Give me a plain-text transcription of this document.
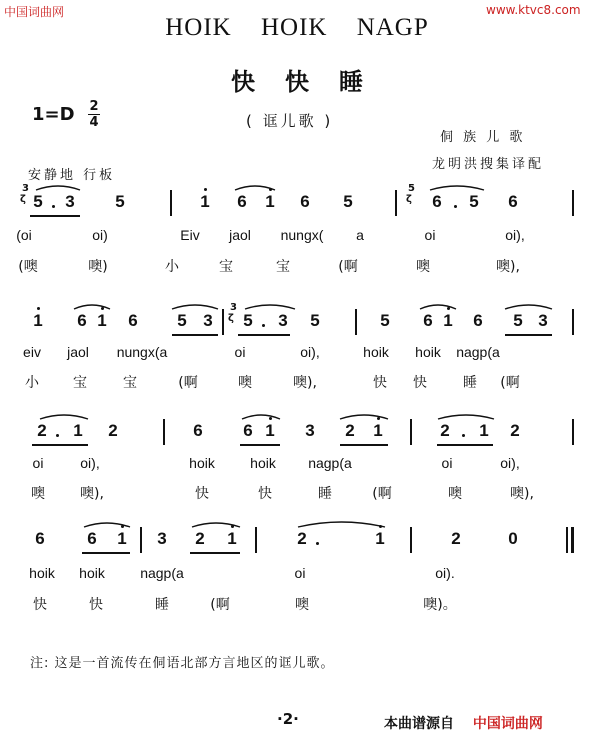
中国词曲网	www.ktvc8.com
HOIK HOIK NAGP
快快睡
1=D 2
4	( 诓儿歌 )
侗 族 儿 歌
龙明洪搜集译配
安静地 行板
5 3 5	1 6 1 6 5	6 5 6
3
ζ
5
ζ
(oi	oi)	Eiv jaol nungx( a	oi	oi),
(噢	噢)	小	宝	宝	(啊	噢	噢),
1 6 1 6 5 3 5 3 5	5 6 1 6 5 3
3
ζ
eiv jaol nungx(a	oi	oi),	hoik hoik nagp(a
小 宝	宝	(啊	噢	噢),	快 快	睡 (啊
2 1 2	6 6 1 3 2 1	2 1 2
oi	oi),	hoik	hoik nagp(a	oi	oi),
噢	噢),	快	快	睡	(啊	噢	噢),
6	6 1 3 2 1	2	1	2	0
hoik hoik	nagp(a	oi	oi).
快	快	睡	(啊	噢	噢)。
注: 这是一首流传在侗语北部方言地区的诓儿歌。
·2·	本曲谱源自 中国词曲网
